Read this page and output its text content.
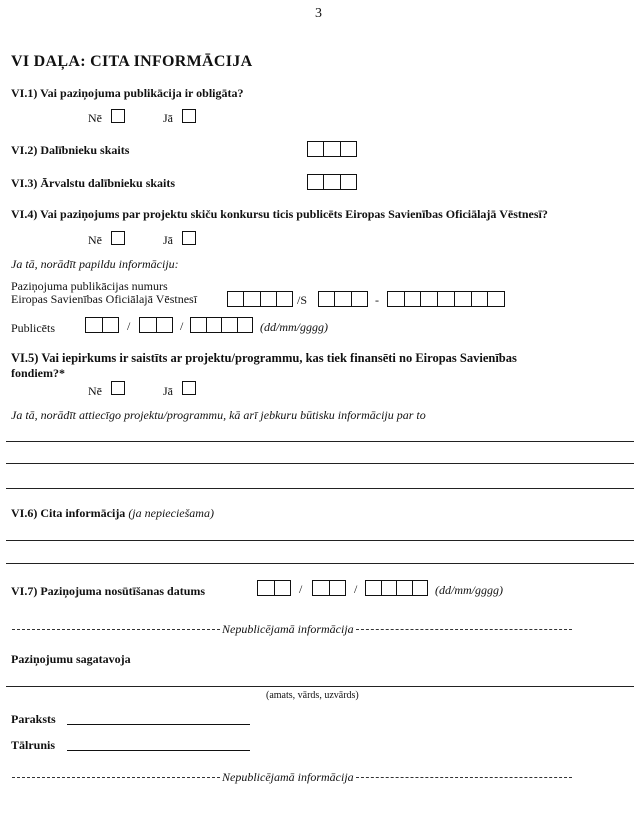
3
VI DAĻA: CITA INFORMĀCIJA
VI.1) Vai paziņojuma publikācija ir obligāta?
Nē	Jā
VI.2) Dalībnieku skaits
VI.3) Ārvalstu dalībnieku skaits
VI.4) Vai paziņojums par projektu skiču konkursu ticis publicēts Eiropas Savienības Oficiālajā Vēstnesī?
Nē	Jā
Ja tā, norādīt papildu informāciju:
Paziņojuma publikācijas numurs
Eiropas Savienības Oficiālajā Vēstnesī	/S	-
Publicēts	/	/	(dd/mm/gggg)
VI.5) Vai iepirkums ir saistīts ar projektu/programmu, kas tiek finansēti no Eiropas Savienības
fondiem?*
Nē	Jā
Ja tā, norādīt attiecīgo projektu/programmu, kā arī jebkuru būtisku informāciju par to
VI.6) Cita informācija (ja nepieciešama)
VI.7) Paziņojuma nosūtīšanas datums	/	/	(dd/mm/gggg)
Nepublicējamā informācija
Paziņojumu sagatavoja
(amats, vārds, uzvārds)
Paraksts
Tālrunis
Nepublicējamā informācija
